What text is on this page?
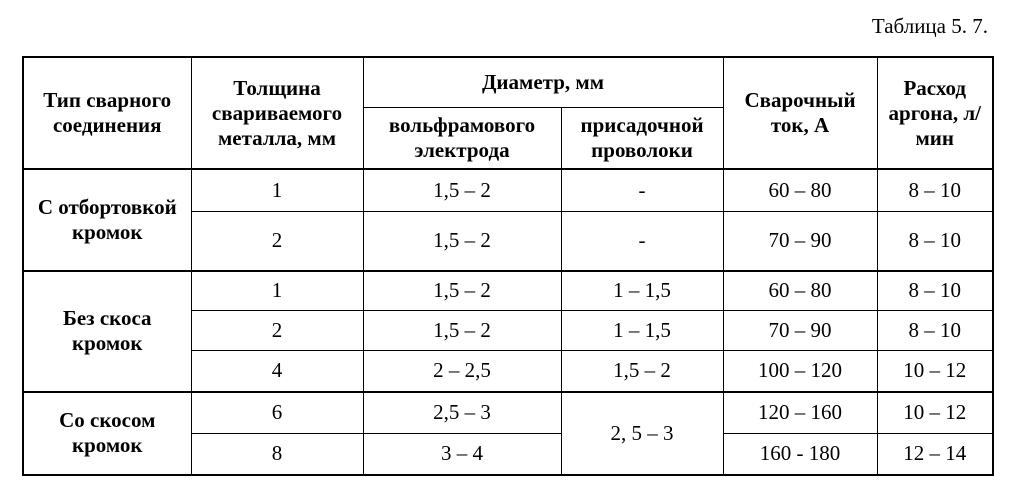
Таблица 5. 7.
Тип сварного соединения	Толщина свариваемого металла, мм	Диаметр, мм		Сварочный ток, А	Расход аргона, л/мин
		вольфрамового электрода	присадочной проволоки		
С отбортовкой кромок	1	1,5 – 2	-	60 – 80	8 – 10
	2	1,5 – 2	-	70 – 90	8 – 10
Без скоса кромок	1	1,5 – 2	1 – 1,5	60 – 80	8 – 10
	2	1,5 – 2	1 – 1,5	70 – 90	8 – 10
	4	2 – 2,5	1,5 – 2	100 – 120	10 – 12
Со скосом кромок	6	2,5 – 3	2, 5 – 3	120 – 160	10 – 12
	8	3 – 4		160 - 180	12 – 14
